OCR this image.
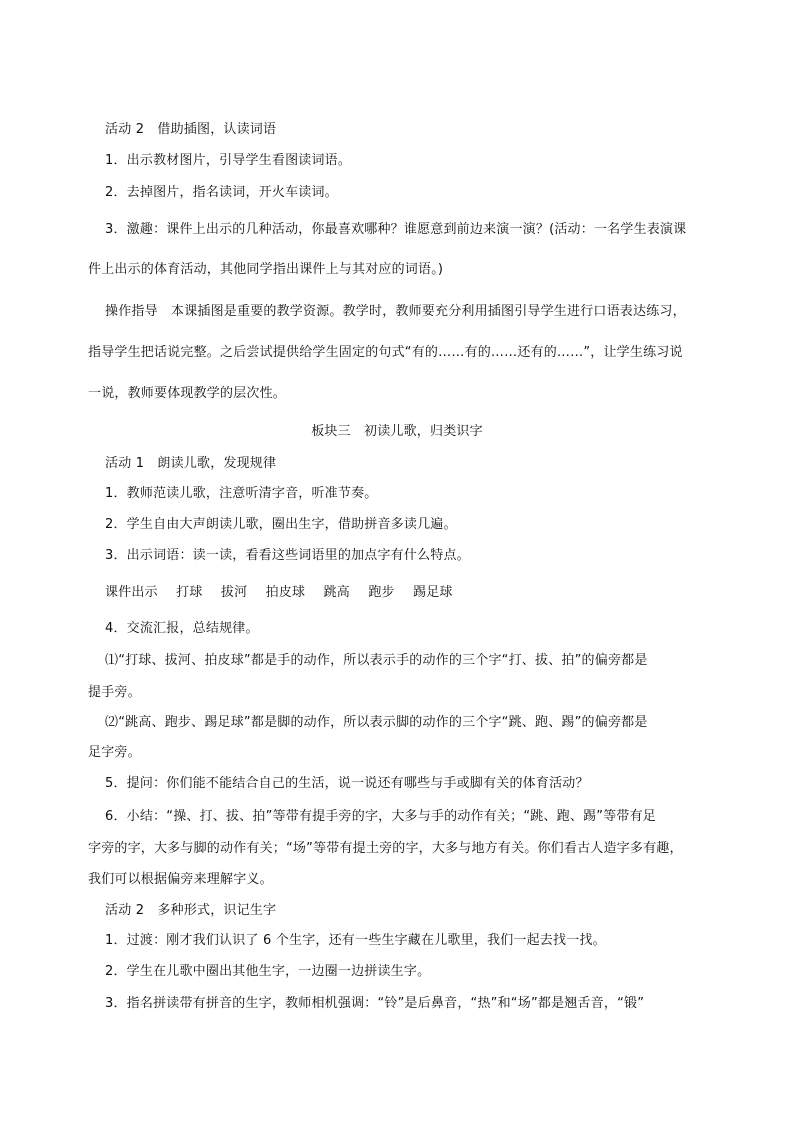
活动 2　借助插图，认读词语
1．出示教材图片，引导学生看图读词语。
2．去掉图片，指名读词，开火车读词。
3．激趣：课件上出示的几种活动，你最喜欢哪种？谁愿意到前边来演一演？(活动：一名学生表演课
件上出示的体育活动，其他同学指出课件上与其对应的词语。)
操作指导　本课插图是重要的教学资源。教学时，教师要充分利用插图引导学生进行口语表达练习，
指导学生把话说完整。之后尝试提供给学生固定的句式“有的……有的……还有的……”，让学生练习说
一说，教师要体现教学的层次性。
板块三　初读儿歌，归类识字
活动 1　朗读儿歌，发现规律
1．教师范读儿歌，注意听清字音，听准节奏。
2．学生自由大声朗读儿歌，圈出生字，借助拼音多读几遍。
3．出示词语：读一读，看看这些词语里的加点字有什么特点。
课件出示 打球 拔河 拍皮球 跳高 跑步 踢足球
4．交流汇报，总结规律。
⑴“打球、拔河、拍皮球”都是手的动作，所以表示手的动作的三个字“打、拔、拍”的偏旁都是
提手旁。
⑵“跳高、跑步、踢足球”都是脚的动作，所以表示脚的动作的三个字“跳、跑、踢”的偏旁都是
足字旁。
5．提问：你们能不能结合自己的生活，说一说还有哪些与手或脚有关的体育活动？
6．小结：“操、打、拔、拍”等带有提手旁的字，大多与手的动作有关；“跳、跑、踢”等带有足
字旁的字，大多与脚的动作有关；“场”等带有提土旁的字，大多与地方有关。你们看古人造字多有趣，
我们可以根据偏旁来理解字义。
活动 2　多种形式，识记生字
1．过渡：刚才我们认识了 6 个生字，还有一些生字藏在儿歌里，我们一起去找一找。
2．学生在儿歌中圈出其他生字，一边圈一边拼读生字。
3．指名拼读带有拼音的生字，教师相机强调：“铃”是后鼻音，“热”和“场”都是翘舌音，“锻”
